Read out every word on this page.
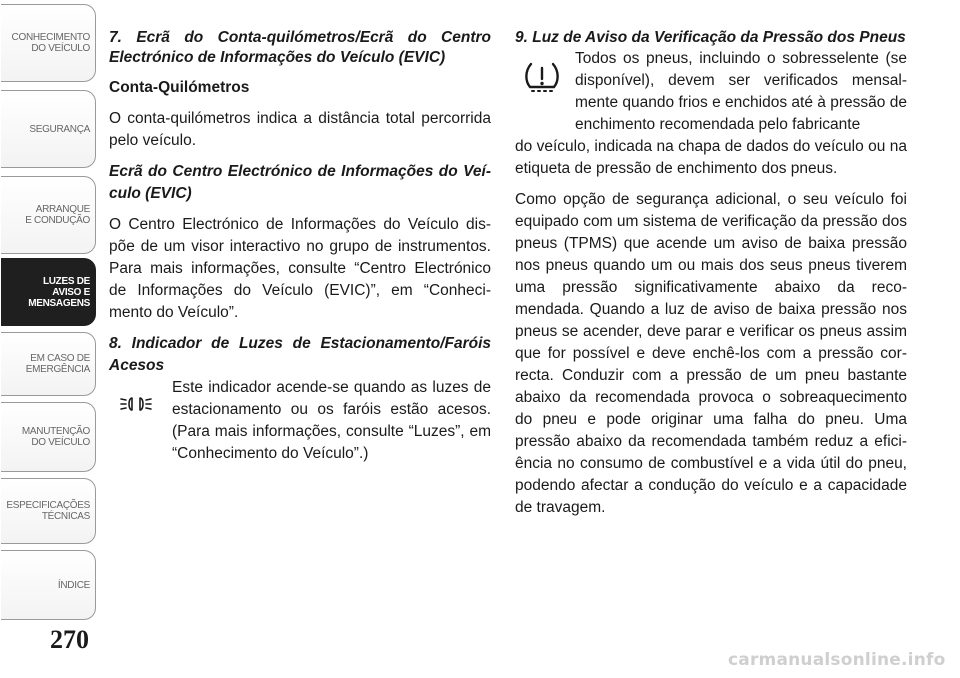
CONHECIMENTO
DO VEÍCULO
SEGURANÇA
ARRANQUE
E CONDUÇÃO
LUZES DE
AVISO E
MENSAGENS
EM CASO DE
EMERGÊNCIA
MANUTENÇÃO
DO VEÍCULO
ESPECIFICAÇÕES
TÉCNICAS
ÍNDICE
270

7. Ecrã do Conta-quilómetros/Ecrã do Centro Electrónico de Informações do Veículo (EVIC)

Conta-Quilómetros

O conta-quilómetros indica a distância total percorrida pelo veículo.

Ecrã do Centro Electrónico de Informações do Veí-culo (EVIC)

O Centro Electrónico de Informações do Veículo dis-põe de um visor interactivo no grupo de instrumentos. Para mais informações, consulte “Centro Electrónico de Informações do Veículo (EVIC)”, em “Conheci-mento do Veículo”.

8. Indicador de Luzes de Estacionamento/Faróis Acesos

Este indicador acende-se quando as luzes de estacionamento ou os faróis estão acesos. (Para mais informações, consulte “Luzes”, em “Conhecimento do Veículo”.)

9. Luz de Aviso da Verificação da Pressão dos Pneus

Todos os pneus, incluindo o sobresselente (se disponível), devem ser verificados mensal-mente quando frios e enchidos até à pressão de enchimento recomendada pelo fabricante

do veículo, indicada na chapa de dados do veículo ou na etiqueta de pressão de enchimento dos pneus.

Como opção de segurança adicional, o seu veículo foi equipado com um sistema de verificação da pressão dos pneus (TPMS) que acende um aviso de baixa pressão nos pneus quando um ou mais dos seus pneus tiverem uma pressão significativamente abaixo da reco-mendada. Quando a luz de aviso de baixa pressão nos pneus se acender, deve parar e verificar os pneus assim que for possível e deve enchê-los com a pressão cor-recta. Conduzir com a pressão de um pneu bastante abaixo da recomendada provoca o sobreaquecimento do pneu e pode originar uma falha do pneu. Uma pressão abaixo da recomendada também reduz a efici-ência no consumo de combustível e a vida útil do pneu, podendo afectar a condução do veículo e a capacidade de travagem.

carmanualsonline.info
